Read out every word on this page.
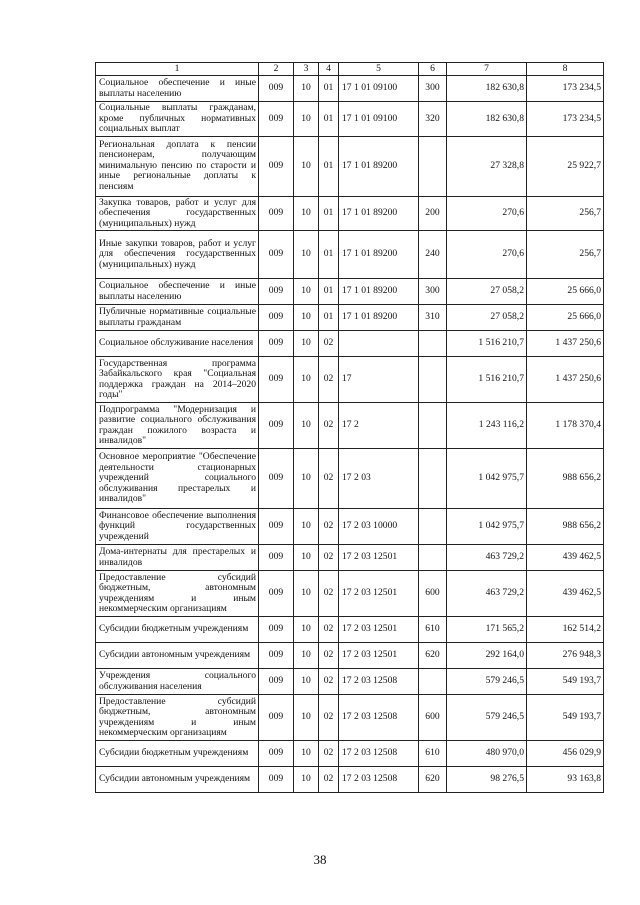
1	2	3	4	5	6	7	8
Социальное обеспечение и иные выплаты населению	009	10	01	17 1 01 09100	300	182 630,8	173 234,5
Социальные выплаты гражданам, кроме публичных нормативных социальных выплат	009	10	01	17 1 01 09100	320	182 630,8	173 234,5
Региональная доплата к пенсии пенсионерам, получающим минимальную пенсию по старости и иные региональные доплаты к пенсиям	009	10	01	17 1 01 89200		27 328,8	25 922,7
Закупка товаров, работ и услуг для обеспечения государственных (муниципальных) нужд	009	10	01	17 1 01 89200	200	270,6	256,7
Иные закупки товаров, работ и услуг для обеспечения государственных (муниципальных) нужд	009	10	01	17 1 01 89200	240	270,6	256,7
Социальное обеспечение и иные выплаты населению	009	10	01	17 1 01 89200	300	27 058,2	25 666,0
Публичные нормативные социальные выплаты гражданам	009	10	01	17 1 01 89200	310	27 058,2	25 666,0
Социальное обслуживание населения	009	10	02			1 516 210,7	1 437 250,6
Государственная программа Забайкальского края "Социальная поддержка граждан на 2014–2020 годы"	009	10	02	17		1 516 210,7	1 437 250,6
Подпрограмма "Модернизация и развитие социального обслуживания граждан пожилого возраста и инвалидов"	009	10	02	17 2		1 243 116,2	1 178 370,4
Основное мероприятие "Обеспечение деятельности стационарных учреждений социального обслуживания престарелых и инвалидов"	009	10	02	17 2 03		1 042 975,7	988 656,2
Финансовое обеспечение выполнения функций государственных учреждений	009	10	02	17 2 03 10000		1 042 975,7	988 656,2
Дома-интернаты для престарелых и инвалидов	009	10	02	17 2 03 12501		463 729,2	439 462,5
Предоставление субсидий бюджетным, автономным учреждениям и иным некоммерческим организациям	009	10	02	17 2 03 12501	600	463 729,2	439 462,5
Субсидии бюджетным учреждениям	009	10	02	17 2 03 12501	610	171 565,2	162 514,2
Субсидии автономным учреждениям	009	10	02	17 2 03 12501	620	292 164,0	276 948,3
Учреждения социального обслуживания населения	009	10	02	17 2 03 12508		579 246,5	549 193,7
Предоставление субсидий бюджетным, автономным учреждениям и иным некоммерческим организациям	009	10	02	17 2 03 12508	600	579 246,5	549 193,7
Субсидии бюджетным учреждениям	009	10	02	17 2 03 12508	610	480 970,0	456 029,9
Субсидии автономным учреждениям	009	10	02	17 2 03 12508	620	98 276,5	93 163,8
38
